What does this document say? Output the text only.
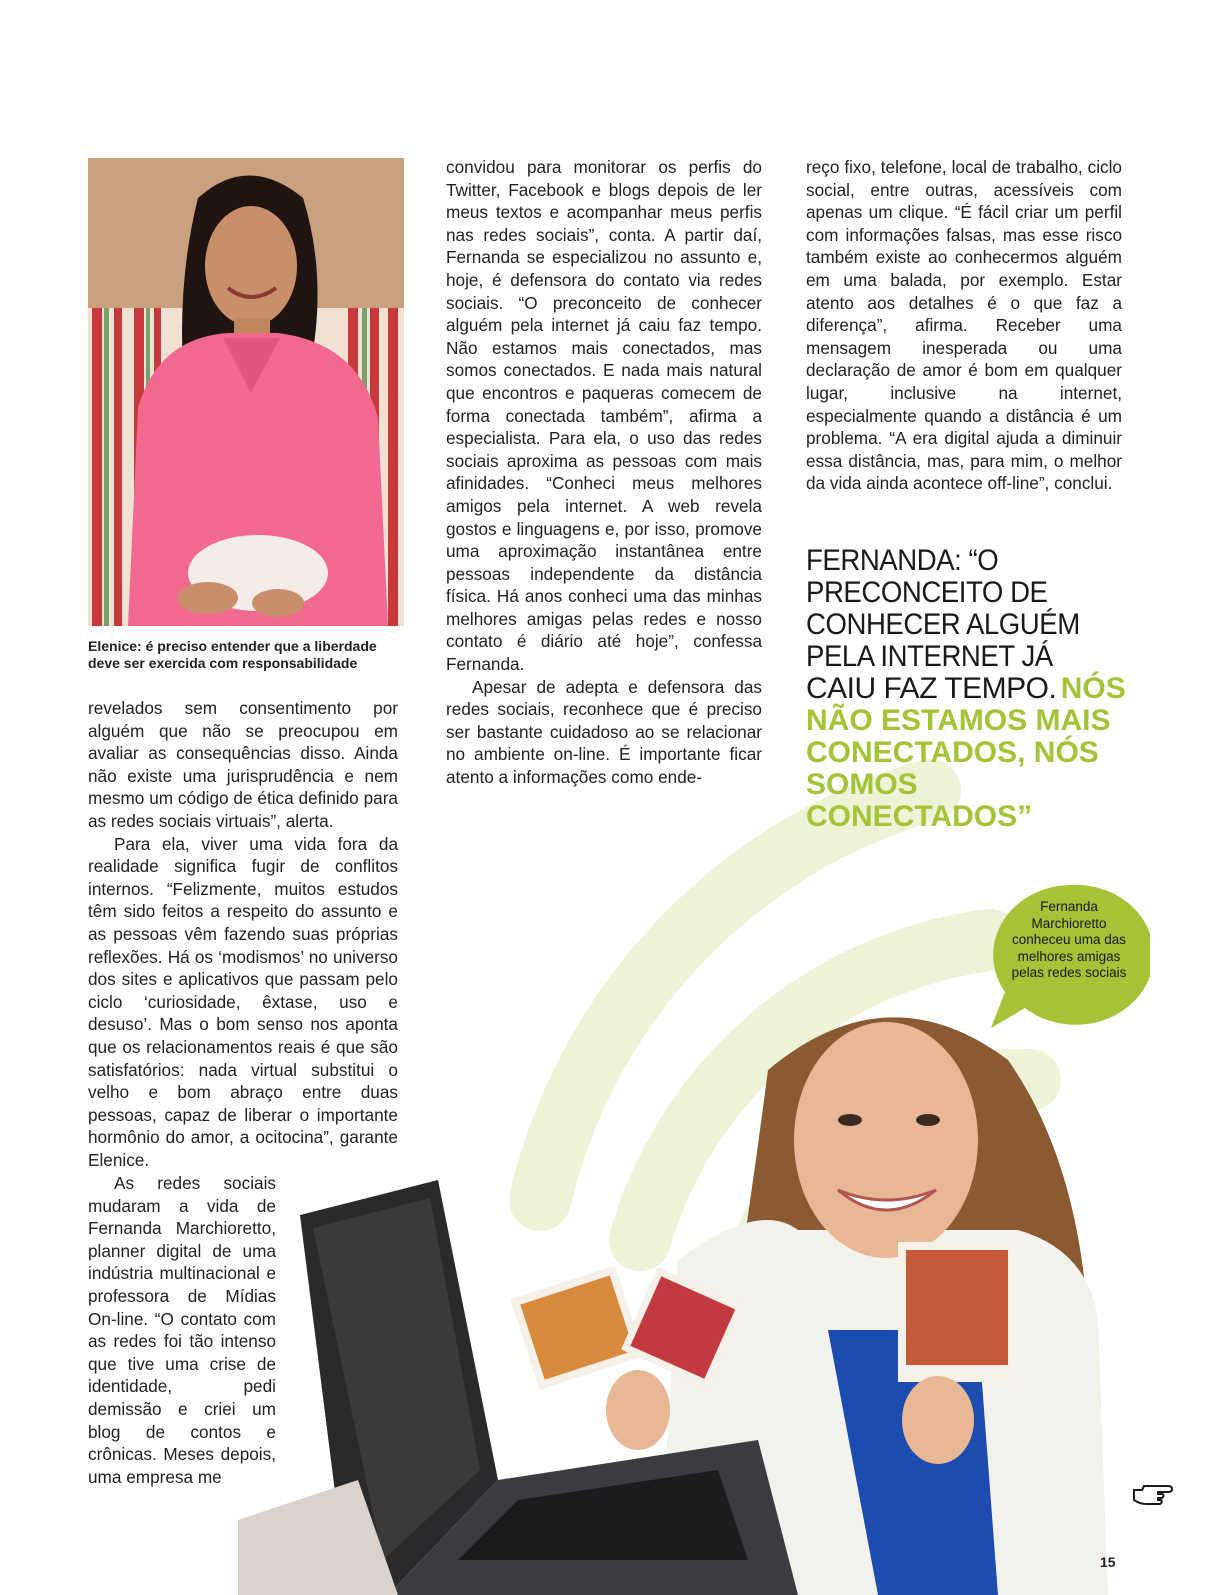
Elenice: é preciso entender que a liberdade deve ser exercida com responsabilidade

revelados sem consentimento por alguém que não se preocupou em avaliar as consequências disso. Ainda não existe uma jurisprudência e nem mesmo um código de ética definido para as redes sociais virtuais”, alerta.

Para ela, viver uma vida fora da realidade significa fugir de conflitos internos. “Felizmente, muitos estudos têm sido feitos a respeito do assunto e as pessoas vêm fazendo suas próprias reflexões. Há os ‘modismos’ no universo dos sites e aplicativos que passam pelo ciclo ‘curiosidade, êxtase, uso e desuso’. Mas o bom senso nos aponta que os relacionamentos reais é que são satisfatórios: nada virtual substitui o velho e bom abraço entre duas pessoas, capaz de liberar o importante hormônio do amor, a ocitocina”, garante Elenice.

As redes sociais mudaram a vida de Fernanda Marchioretto, planner digital de uma indústria multinacional e professora de Mídias On-line. “O contato com as redes foi tão intenso que tive uma crise de identidade, pedi demissão e criei um blog de contos e crônicas. Meses depois, uma empresa me

convidou para monitorar os perfis do Twitter, Facebook e blogs depois de ler meus textos e acompanhar meus perfis nas redes sociais”, conta. A partir daí, Fernanda se especializou no assunto e, hoje, é defensora do contato via redes sociais. “O preconceito de conhecer alguém pela internet já caiu faz tempo. Não estamos mais conectados, mas somos conectados. E nada mais natural que encontros e paqueras comecem de forma conectada também”, afirma a especialista. Para ela, o uso das redes sociais aproxima as pessoas com mais afinidades. “Conheci meus melhores amigos pela internet. A web revela gostos e linguagens e, por isso, promove uma aproximação instantânea entre pessoas independente da distância física. Há anos conheci uma das minhas melhores amigas pelas redes e nosso contato é diário até hoje”, confessa Fernanda.

Apesar de adepta e defensora das redes sociais, reconhece que é preciso ser bastante cuidadoso ao se relacionar no ambiente on-line. É importante ficar atento a informações como ende-

reço fixo, telefone, local de trabalho, ciclo social, entre outras, acessíveis com apenas um clique. “É fácil criar um perfil com informações falsas, mas esse risco também existe ao conhecermos alguém em uma balada, por exemplo. Estar atento aos detalhes é o que faz a diferença”, afirma. Receber uma mensagem inesperada ou uma declaração de amor é bom em qualquer lugar, inclusive na internet, especialmente quando a distância é um problema. “A era digital ajuda a diminuir essa distância, mas, para mim, o melhor da vida ainda acontece off-line”, conclui.

FERNANDA: “O
PRECONCEITO DE
CONHECER ALGUÉM
PELA INTERNET JÁ
CAIU FAZ TEMPO. NÓS NÃO ESTAMOS MAIS CONECTADOS, NÓS SOMOS CONECTADOS”
Fernanda Marchioretto conheceu uma das melhores amigas pelas redes sociais
15
